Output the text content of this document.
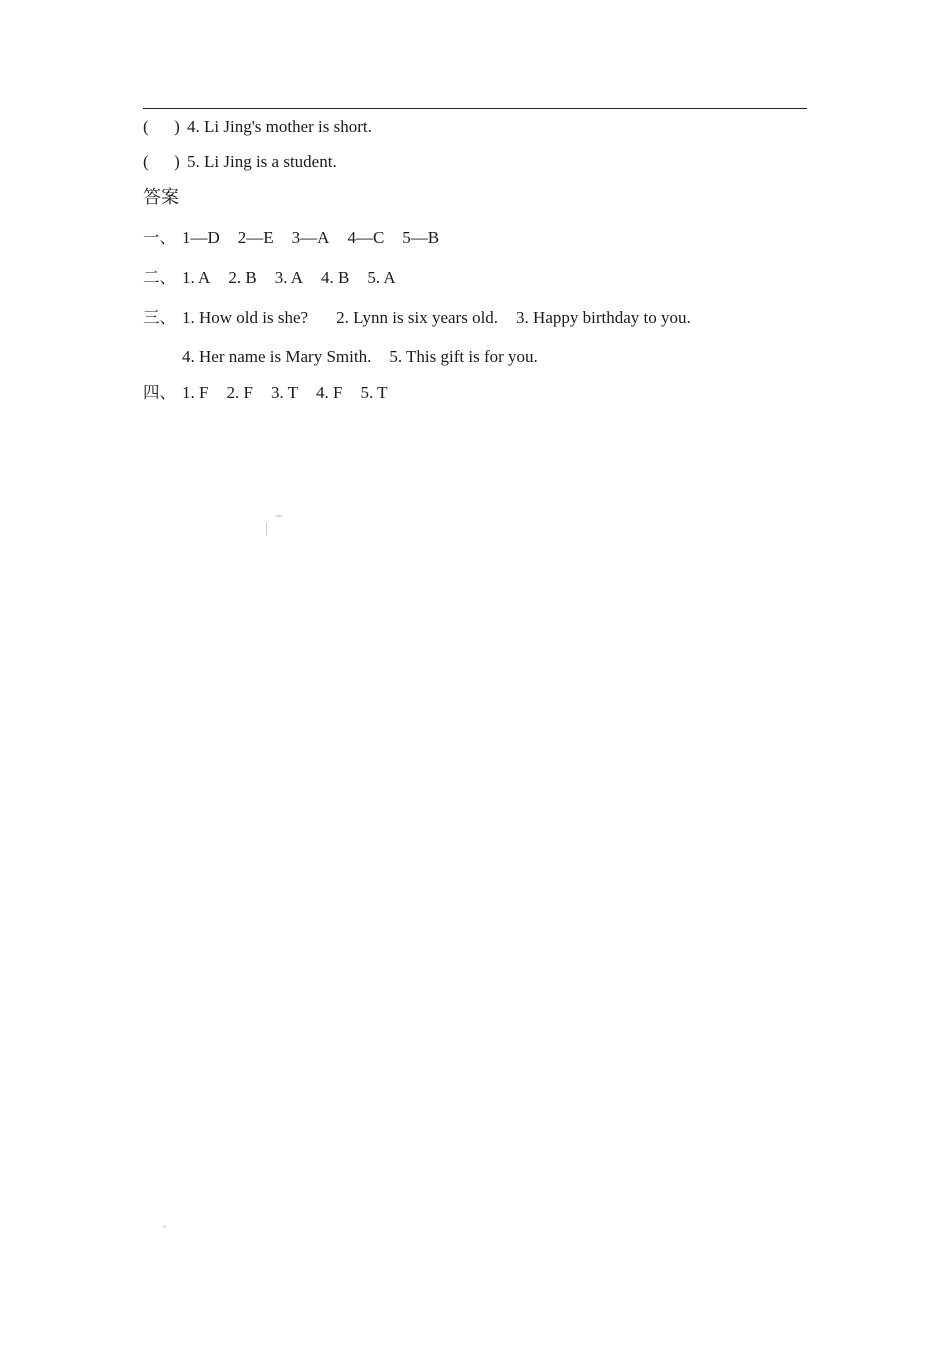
(      ) 4. Li Jing's mother is short.
(      ) 5. Li Jing is a student.
答案
一、 1—D 2—E 3—A 4—C 5—B
二、 1. A 2. B 3. A 4. B 5. A
三、 1. How old is she? 2. Lynn is six years old. 3. Happy birthday to you.
4. Her name is Mary Smith. 5. This gift is for you.
四、 1. F 2. F 3. T 4. F 5. T
